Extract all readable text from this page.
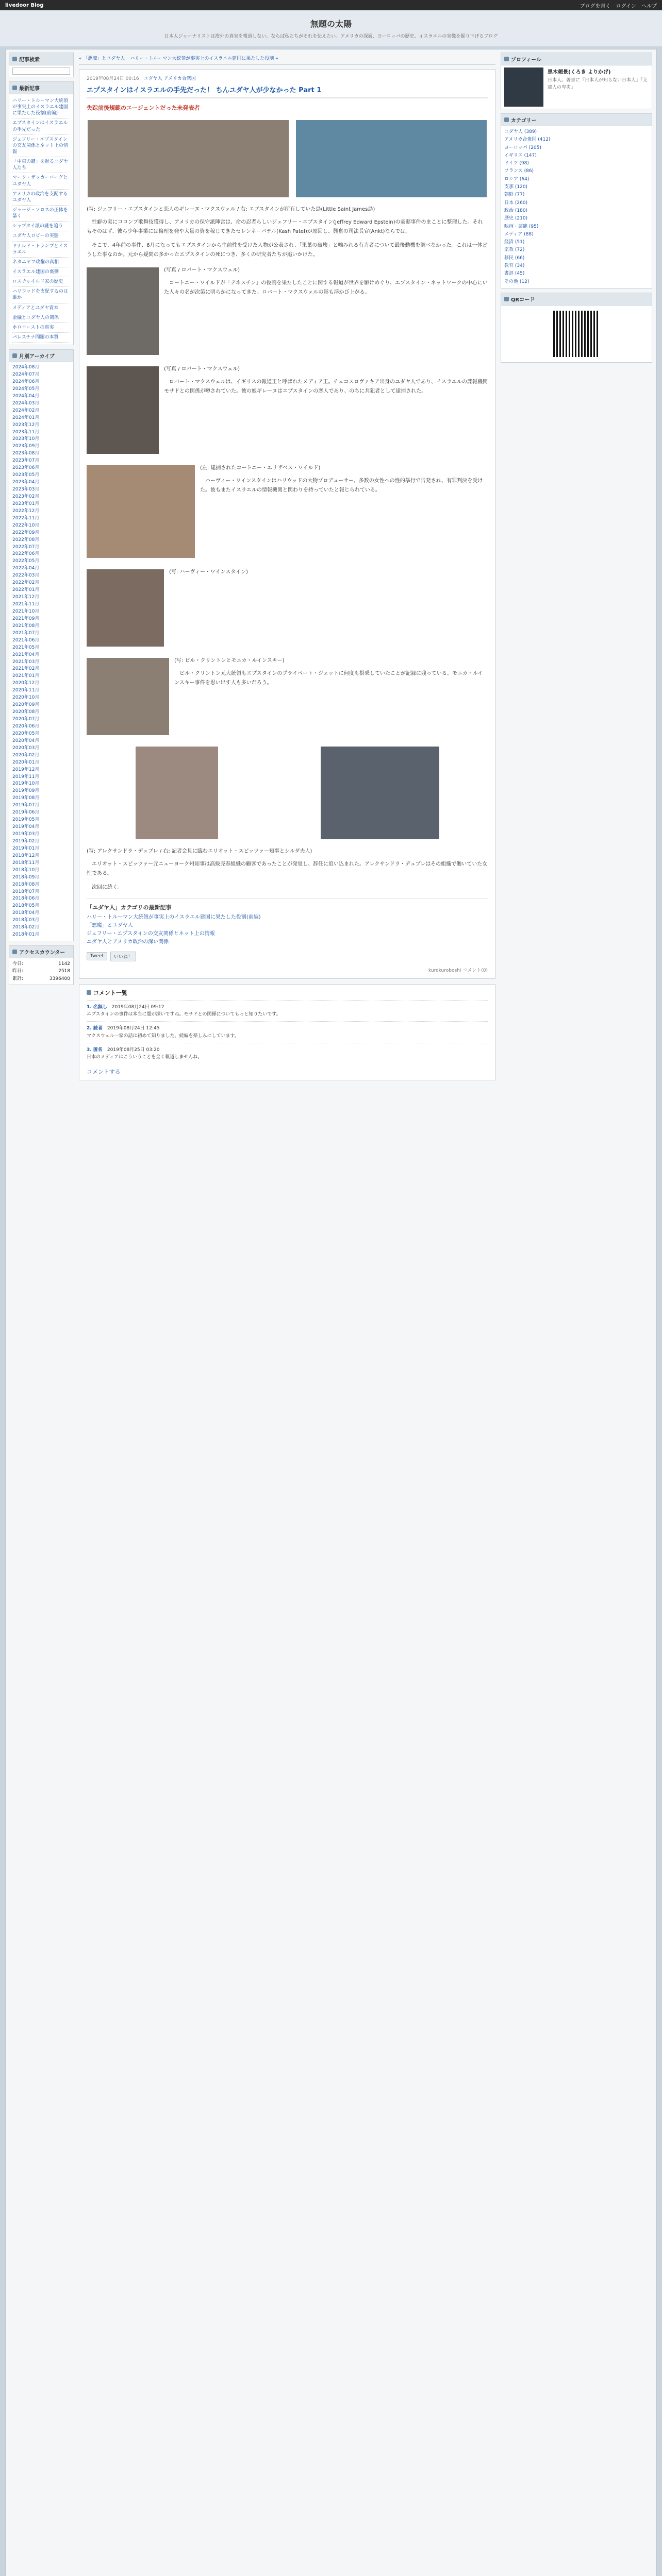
livedoor Blog	ブログを書く ログイン ヘルプ
無題の太陽
日本人ジャーナリストは海外の真実を報道しない。ならば私たちがそれを伝えたい。アメリカの深層、ヨーロッパの歴史、イスラエルの実像を掘り下げるブログ
記事検索
最新記事
ハリー・トルーマン大統領が事実上のイスラエル建国に果たした役割(前編)
エプスタインはイスラエルの手先だった
ジェフリー・エプスタインの交友関係とネット上の情報
「中東の鍵」を握るユダヤ人たち
マーク・ザッカーバーグとユダヤ人
アメリカの政治を支配するユダヤ人
ジョージ・ソロスの正体を暴く
シャブタイ派の謎を追う
ユダヤ人ロビーの実態
ドナルド・トランプとイスラエル
ネタニヤフ政権の真相
イスラエル建国の裏側
ロスチャイルド家の歴史
ハリウッドを支配するのは誰か
メディアとユダヤ資本
金融とユダヤ人の関係
ホロコーストの真実
パレスチナ問題の本質
月別アーカイブ
2024年08月
2024年07月
2024年06月
2024年05月
2024年04月
2024年03月
2024年02月
2024年01月
2023年12月
2023年11月
2023年10月
2023年09月
2023年08月
2023年07月
2023年06月
2023年05月
2023年04月
2023年03月
2023年02月
2023年01月
2022年12月
2022年11月
2022年10月
2022年09月
2022年08月
2022年07月
2022年06月
2022年05月
2022年04月
2022年03月
2022年02月
2022年01月
2021年12月
2021年11月
2021年10月
2021年09月
2021年08月
2021年07月
2021年06月
2021年05月
2021年04月
2021年03月
2021年02月
2021年01月
2020年12月
2020年11月
2020年10月
2020年09月
2020年08月
2020年07月
2020年06月
2020年05月
2020年04月
2020年03月
2020年02月
2020年01月
2019年12月
2019年11月
2019年10月
2019年09月
2019年08月
2019年07月
2019年06月
2019年05月
2019年04月
2019年03月
2019年02月
2019年01月
2018年12月
2018年11月
2018年10月
2018年09月
2018年08月
2018年07月
2018年06月
2018年05月
2018年04月
2018年03月
2018年02月
2018年01月
アクセスカウンター
今日:	1142
昨日:	2518
累計:	3396400
« 「悪魔」とユダヤ人 ハリー・トルーマン大統領が事実上のイスラエル建国に果たした役割 »
2019年08月24日 00:16　 ユダヤ人 アメリカ合衆国
エプスタインはイスラエルの手先だった！ ちんユダヤ人が少なかった Part 1
失踪前後規範のエージェントだった未発表者
(写: ジェフリー・エプスタインと恋人のギレーヌ・マクスウェル / 右: エプスタインが所有していた島(Little Saint James島)

性癖の実にコロンブ歌舞伎獲得し、アメリカの保守派陣営は、命の忍者らしいジェフリー・エプスタイン(Jeffrey Edward Epstein)の豪邸事件のまことに整理した。それもそのはず、彼ら少年事業には倫理を発や大量の資を稼じてきたセレンネ－バデル(Kash Patel)が原因し、興奮の司法長官(Ankt)ならでは。

そこで、4年前の事件、6月になってもエプスタインから生前性を受けた人物が公表され、「果葉の破壊」と噛みれる有力者について最後動機を調べなかった。これは一体どうした事なのか。元から疑問の多かったエプスタインの死につき、多くの研究者たちが追いかけた。

(写真 / ロバート・マクスウェル)

コートニー・ワイルドが「テネスチン」の役割を果たしたことに関する報道が世界を駆けめぐり、エプスタイン・ネットワークの中心にいた人々の名が次第に明らかになってきた。ロバート・マクスウェルの影も浮かび上がる。

(写真 / ロバート・マクスウェル)

ロバート・マクスウェルは、イギリスの報道王と呼ばれたメディア王。チェコスロヴァキア出身のユダヤ人であり、イスラエルの諜報機関モサドとの関係が噂されていた。彼の娘ギレーヌはエプスタインの恋人であり、のちに共犯者として逮捕された。

(左: 逮捕されたコートニー・エリザベス・ワイルド)

ハーヴィー・ワインスタインはハリウッドの大物プロデューサー。多数の女性への性的暴行で告発され、有罪判決を受けた。彼もまたイスラエルの情報機関と関わりを持っていたと報じられている。

(写: ハーヴィー・ワインスタイン)
(写: ビル・クリントンとモニカ・ルインスキー)

ビル・クリントン元大統領もエプスタインのプライベート・ジェットに何度も搭乗していたことが記録に残っている。モニカ・ルインスキー事件を思い出す人も多いだろう。

(写: アレクサンドラ・デュプレ / 右: 記者会見に臨むエリオット・スピッツァー知事とシルダ夫人)

エリオット・スピッツァー元ニューヨーク州知事は高級売春組織の顧客であったことが発覚し、辞任に追い込まれた。アレクサンドラ・デュプレはその組織で働いていた女性である。

次回に続く。

「ユダヤ人」カテゴリの最新記事
ハリー・トルーマン大統領が事実上のイスラエル建国に果たした役割(前編)
「悪魔」とユダヤ人
ジェフリー・エプスタインの交友関係とネット上の情報
ユダヤ人とアメリカ政治の深い関係
Tweet	いいね！
kurokuroboshi コメント(0)
コメント一覧
1. 名無し　 2019年08月24日 09:12
エプスタインの事件は本当に闇が深いですね。モサドとの関係についてもっと知りたいです。
2. 読者　 2019年08月24日 12:45
マクスウェル一家の話は初めて知りました。続編を楽しみにしています。
3. 匿名　 2019年08月25日 03:20
日本のメディアはこういうことを全く報道しませんね。
コメントする
プロフィール
黒木頼景(くろき よりかげ)
日本人。著書に『日本人が知らない日本人』『支那人の卑劣』
カテゴリー
ユダヤ人 (389)
アメリカ合衆国 (412)
ヨーロッパ (205)
イギリス (147)
ドイツ (98)
フランス (86)
ロシア (64)
支那 (120)
朝鮮 (77)
日本 (260)
政治 (180)
歴史 (210)
映画・芸能 (95)
メディア (88)
経済 (51)
宗教 (72)
移民 (66)
教育 (34)
書評 (45)
その他 (12)
QRコード
